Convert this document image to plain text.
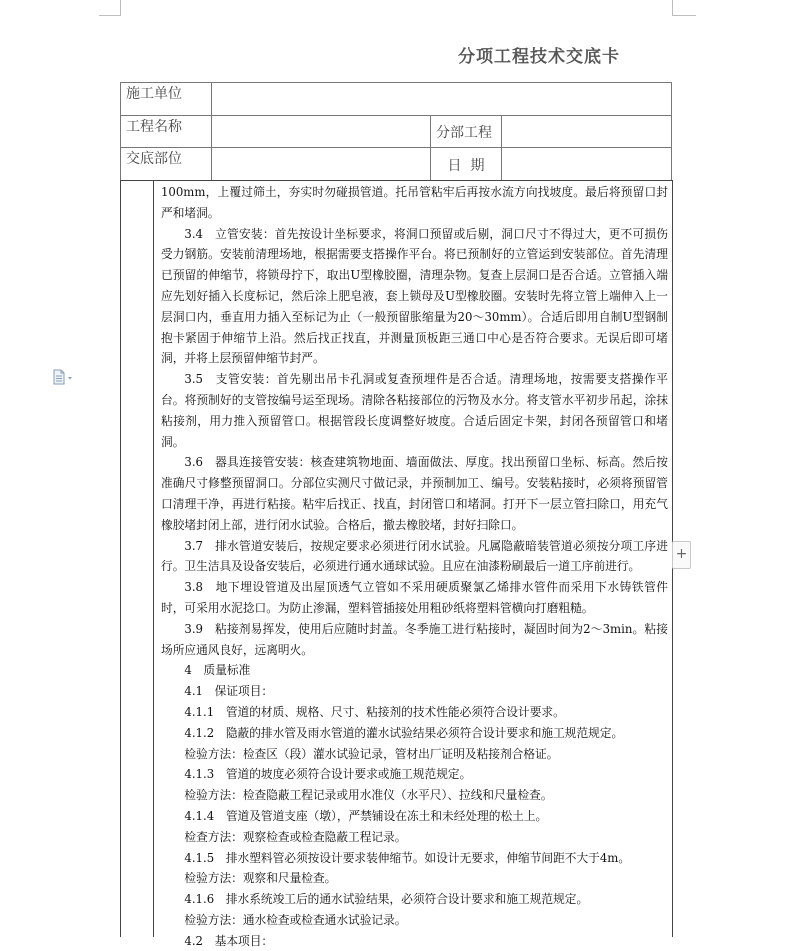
分项工程技术交底卡
施工单位			
工程名称		分部工程	
交底部位		日  期	

100mm，上覆过筛土，夯实时勿碰损管道。托吊管粘牢后再按水流方向找坡度。最后将预留口封严和堵洞。

3.4　立管安装：首先按设计坐标要求，将洞口预留或后剔，洞口尺寸不得过大，更不可损伤受力钢筋。安装前清理场地，根据需要支搭操作平台。将已预制好的立管运到安装部位。首先清理已预留的伸缩节，将锁母拧下，取出U型橡胶圈，清理杂物。复查上层洞口是否合适。立管插入端应先划好插入长度标记，然后涂上肥皂液，套上锁母及U型橡胶圈。安装时先将立管上端伸入上一层洞口内，垂直用力插入至标记为止（一般预留胀缩量为20～30mm）。合适后即用自制U型钢制抱卡紧固于伸缩节上沿。然后找正找直，并测量顶板距三通口中心是否符合要求。无误后即可堵洞，并将上层预留伸缩节封严。

3.5　支管安装：首先剔出吊卡孔洞或复查预埋件是否合适。清理场地，按需要支搭操作平台。将预制好的支管按编号运至现场。清除各粘接部位的污物及水分。将支管水平初步吊起，涂抹粘接剂，用力推入预留管口。根据管段长度调整好坡度。合适后固定卡架，封闭各预留管口和堵洞。

3.6　器具连接管安装：核查建筑物地面、墙面做法、厚度。找出预留口坐标、标高。然后按准确尺寸修整预留洞口。分部位实测尺寸做记录，并预制加工、编号。安装粘接时，必须将预留管口清理干净，再进行粘接。粘牢后找正、找直，封闭管口和堵洞。打开下一层立管扫除口，用充气橡胶堵封闭上部，进行闭水试验。合格后，撤去橡胶堵，封好扫除口。

3.7　排水管道安装后，按规定要求必须进行闭水试验。凡属隐蔽暗装管道必须按分项工序进行。卫生洁具及设备安装后，必须进行通水通球试验。且应在油漆粉刷最后一道工序前进行。

3.8　地下埋设管道及出屋顶透气立管如不采用硬质聚氯乙烯排水管件而采用下水铸铁管件时，可采用水泥捻口。为防止渗漏，塑料管插接处用粗砂纸将塑料管横向打磨粗糙。

3.9　粘接剂易挥发，使用后应随时封盖。冬季施工进行粘接时，凝固时间为2～3min。粘接场所应通风良好，远离明火。

4　质量标准

4.1　保证项目：

4.1.1　管道的材质、规格、尺寸、粘接剂的技术性能必须符合设计要求。

4.1.2　隐蔽的排水管及雨水管道的灌水试验结果必须符合设计要求和施工规范规定。

检验方法：检查区（段）灌水试验记录，管材出厂证明及粘接剂合格证。

4.1.3　管道的坡度必须符合设计要求或施工规范规定。

检验方法：检查隐蔽工程记录或用水准仪（水平尺）、拉线和尺量检查。

4.1.4　管道及管道支座（墩），严禁铺设在冻土和未经处理的松土上。

检查方法：观察检查或检查隐蔽工程记录。

4.1.5　排水塑料管必须按设计要求装伸缩节。如设计无要求，伸缩节间距不大于4m。

检验方法：观察和尺量检查。

4.1.6　排水系统竣工后的通水试验结果，必须符合设计要求和施工规范规定。

检验方法：通水检查或检查通水试验记录。

4.2　基本项目：

+
